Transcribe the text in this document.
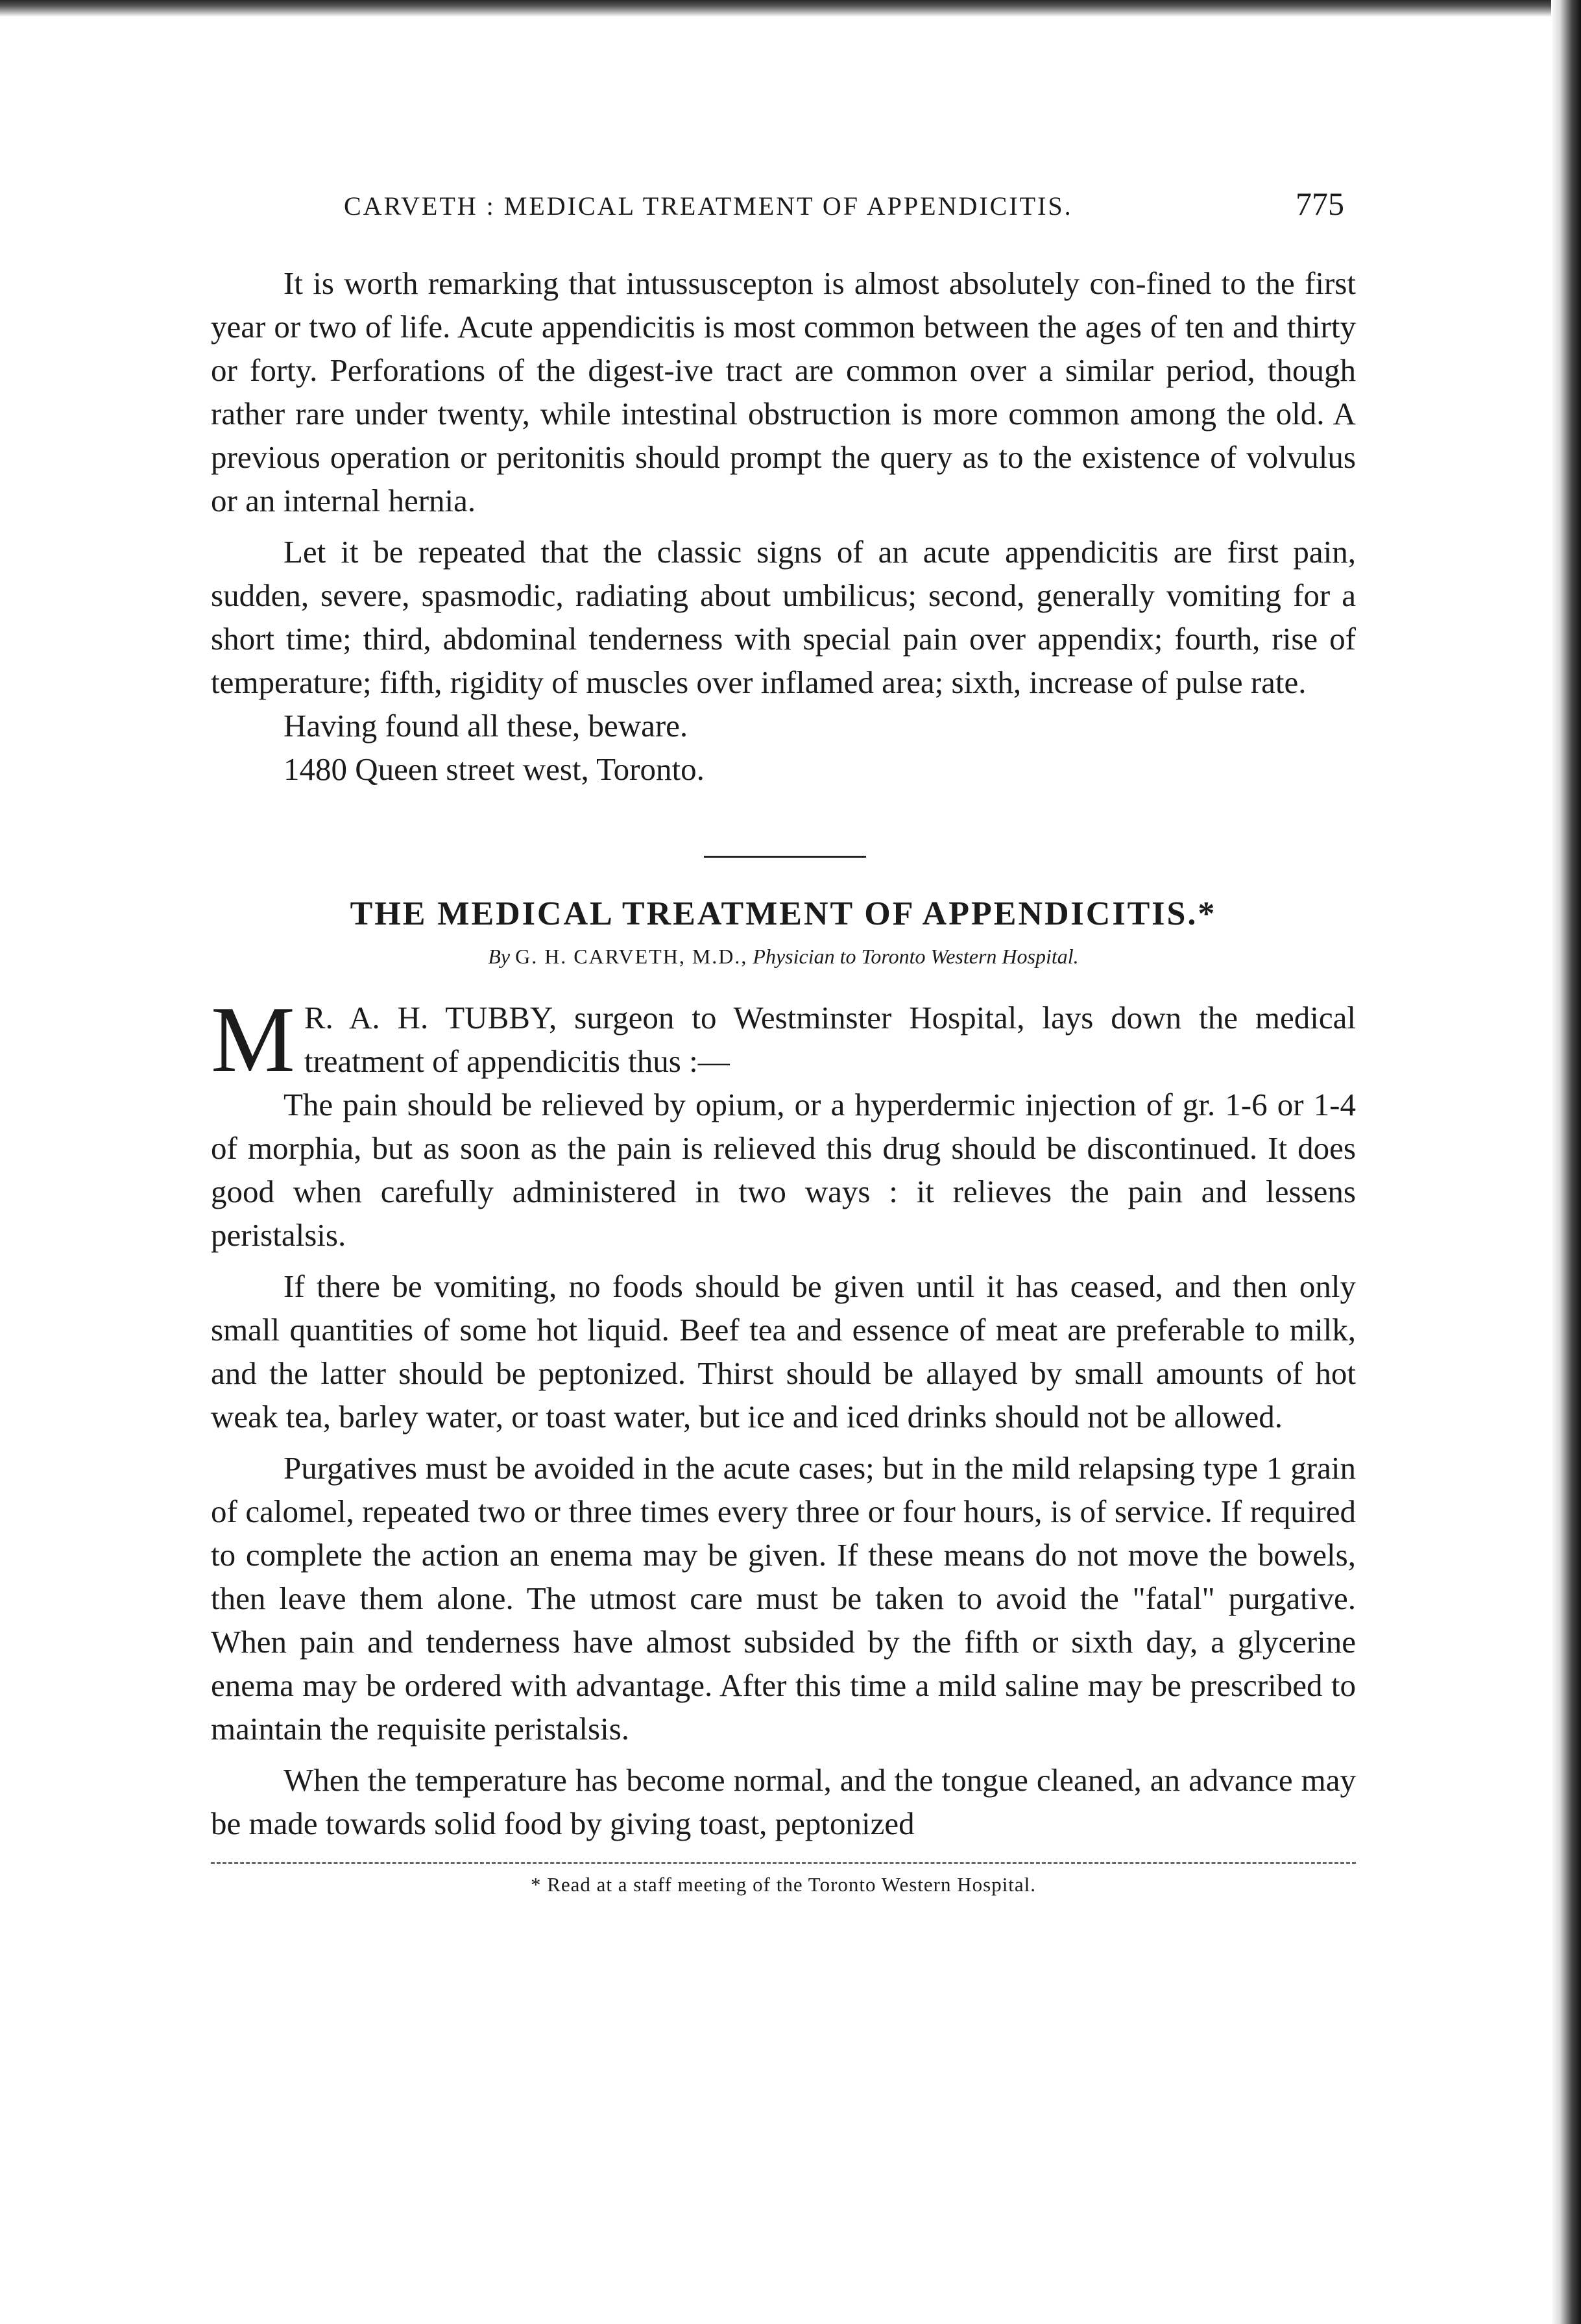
CARVETH : MEDICAL TREATMENT OF APPENDICITIS.	775

It is worth remarking that intussuscepton is almost absolutely con-fined to the first year or two of life. Acute appendicitis is most common between the ages of ten and thirty or forty. Perforations of the digest-ive tract are common over a similar period, though rather rare under twenty, while intestinal obstruction is more common among the old. A previous operation or peritonitis should prompt the query as to the existence of volvulus or an internal hernia.

Let it be repeated that the classic signs of an acute appendicitis are first pain, sudden, severe, spasmodic, radiating about umbilicus; second, generally vomiting for a short time; third, abdominal tenderness with special pain over appendix; fourth, rise of temperature; fifth, rigidity of muscles over inflamed area; sixth, increase of pulse rate.

Having found all these, beware.

1480 Queen street west, Toronto.

THE MEDICAL TREATMENT OF APPENDICITIS.*
By G. H. CARVETH, M.D., Physician to Toronto Western Hospital.
M R. A. H. TUBBY, surgeon to Westminster Hospital, lays down the medical treatment of appendicitis thus :—

The pain should be relieved by opium, or a hyperdermic injection of gr. 1-6 or 1-4 of morphia, but as soon as the pain is relieved this drug should be discontinued. It does good when carefully administered in two ways : it relieves the pain and lessens peristalsis.

If there be vomiting, no foods should be given until it has ceased, and then only small quantities of some hot liquid. Beef tea and essence of meat are preferable to milk, and the latter should be peptonized. Thirst should be allayed by small amounts of hot weak tea, barley water, or toast water, but ice and iced drinks should not be allowed.

Purgatives must be avoided in the acute cases; but in the mild relapsing type 1 grain of calomel, repeated two or three times every three or four hours, is of service. If required to complete the action an enema may be given. If these means do not move the bowels, then leave them alone. The utmost care must be taken to avoid the "fatal" purgative. When pain and tenderness have almost subsided by the fifth or sixth day, a glycerine enema may be ordered with advantage. After this time a mild saline may be prescribed to maintain the requisite peristalsis.

When the temperature has become normal, and the tongue cleaned, an advance may be made towards solid food by giving toast, peptonized

* Read at a staff meeting of the Toronto Western Hospital.
